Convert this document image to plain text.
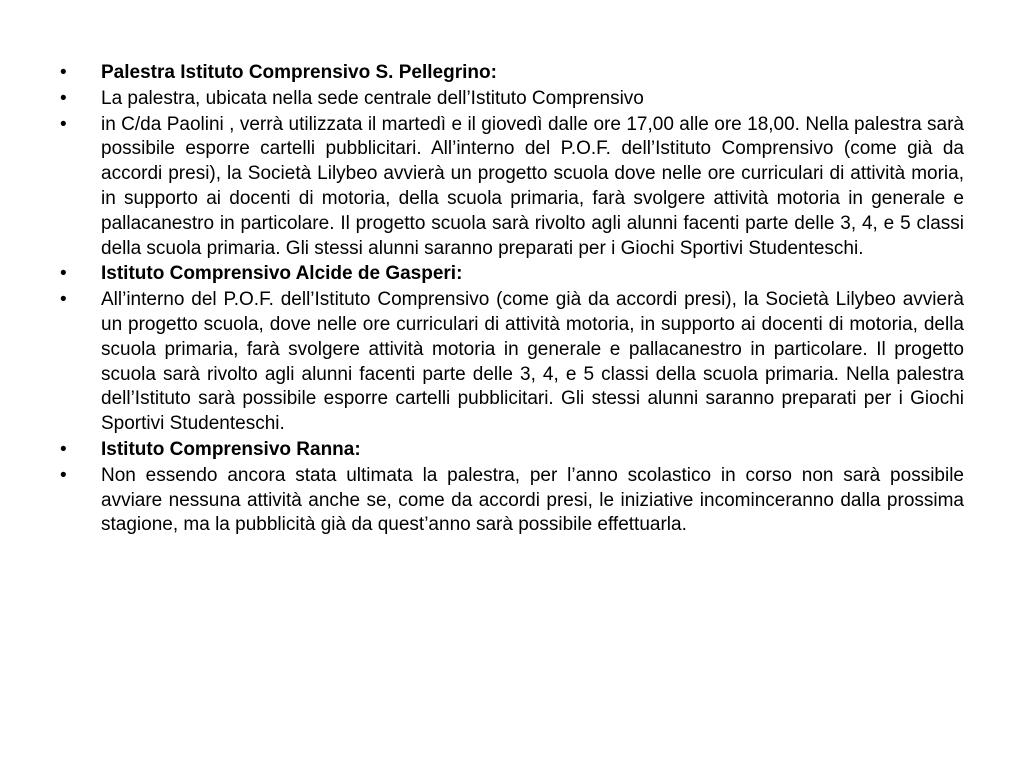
•	Palestra Istituto Comprensivo S. Pellegrino:
•	La palestra, ubicata nella sede centrale dell’Istituto Comprensivo
•	in C/da Paolini , verrà utilizzata il martedì e il giovedì dalle ore 17,00 alle ore 18,00. Nella palestra sarà possibile esporre cartelli pubblicitari. All’interno del P.O.F. dell’Istituto Comprensivo (come già da accordi presi), la Società Lilybeo avvierà un progetto scuola dove nelle ore curriculari di attività moria, in supporto ai docenti di motoria, della scuola primaria, farà svolgere attività motoria in generale e pallacanestro in particolare. Il progetto scuola sarà rivolto agli alunni facenti parte delle 3, 4, e 5 classi della scuola primaria. Gli stessi alunni saranno preparati per i Giochi Sportivi Studenteschi.
•	Istituto Comprensivo Alcide de Gasperi:
•	All’interno del P.O.F. dell’Istituto Comprensivo (come già da accordi presi), la Società Lilybeo avvierà un progetto scuola, dove nelle ore curriculari di attività motoria, in supporto ai docenti di motoria, della scuola primaria, farà svolgere attività motoria in generale e pallacanestro in particolare. Il progetto scuola sarà rivolto agli alunni facenti parte delle 3, 4, e 5 classi della scuola primaria. Nella palestra dell’Istituto sarà possibile esporre cartelli pubblicitari. Gli stessi alunni saranno preparati per i Giochi Sportivi Studenteschi.
•	Istituto Comprensivo Ranna:
•	Non essendo ancora stata ultimata la palestra, per l’anno scolastico in corso non sarà possibile avviare nessuna attività anche se, come da accordi presi, le iniziative incominceranno dalla prossima stagione, ma la pubblicità già da quest’anno sarà possibile effettuarla.
